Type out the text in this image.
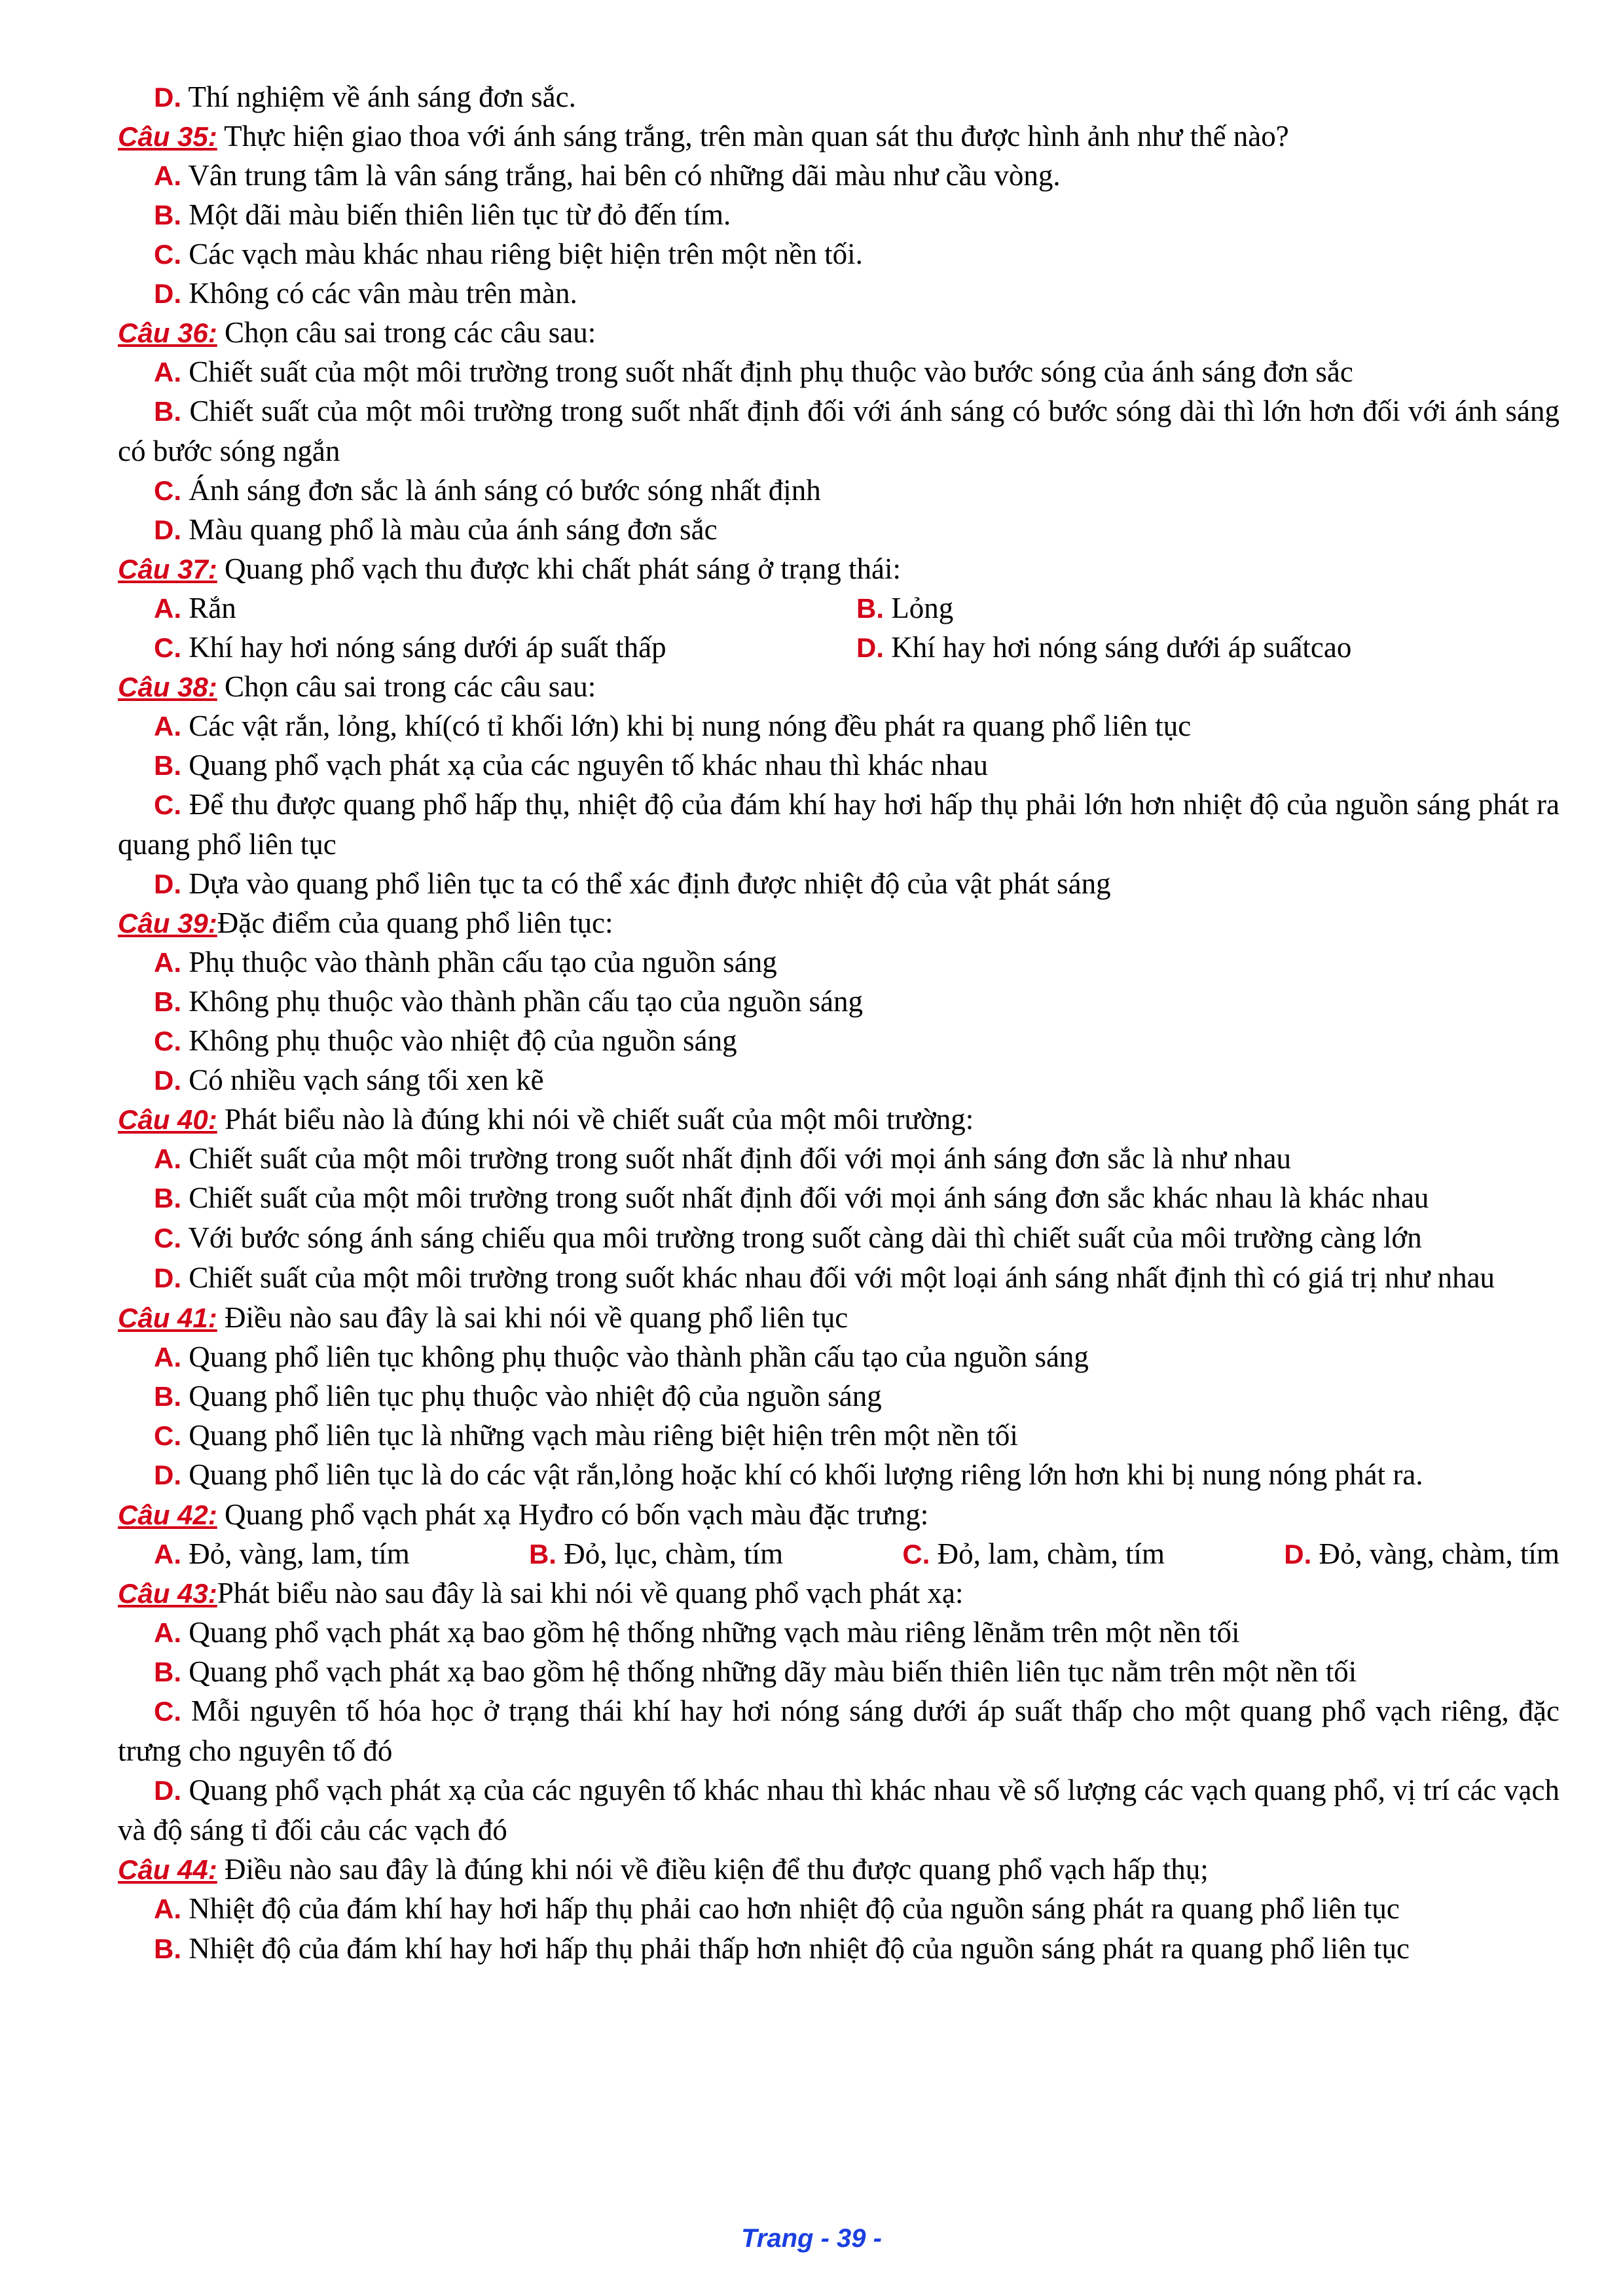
D. Thí nghiệm về ánh sáng đơn sắc.
Câu 35: Thực hiện giao thoa với ánh sáng trắng, trên màn quan sát thu được hình ảnh như thế nào?
A. Vân trung tâm là vân sáng trắng, hai bên có những dãi màu như cầu vòng.
B. Một dãi màu biến thiên liên tục từ đỏ đến tím.
C. Các vạch màu khác nhau riêng biệt hiện trên một nền tối.
D. Không có các vân màu trên màn.
Câu 36: Chọn câu sai trong các câu sau:
A. Chiết suất của một môi trường trong suốt nhất định phụ thuộc vào bước sóng của ánh sáng đơn sắc
B. Chiết suất của một môi trường trong suốt nhất định đối với ánh sáng có bước sóng dài thì lớn hơn đối với ánh sáng có bước sóng ngắn
C. Ánh sáng đơn sắc là ánh sáng có bước sóng nhất định
D. Màu quang phổ là màu của ánh sáng đơn sắc
Câu 37: Quang phổ vạch thu được khi chất phát sáng ở trạng thái:
A. Rắn	B. Lỏng
C. Khí hay hơi nóng sáng dưới áp suất thấp	D. Khí hay hơi nóng sáng dưới áp suấtcao
Câu 38: Chọn câu sai trong các câu sau:
A. Các vật rắn, lỏng, khí(có tỉ khối lớn) khi bị nung nóng đều phát ra quang phổ liên tục
B. Quang phổ vạch phát xạ của các nguyên tố khác nhau thì khác nhau
C. Để thu được quang phổ hấp thụ, nhiệt độ của đám khí hay hơi hấp thụ phải lớn hơn nhiệt độ của nguồn sáng phát ra quang phổ liên tục
D. Dựa vào quang phổ liên tục ta có thể xác định được nhiệt độ của vật phát sáng
Câu 39:Đặc điểm của quang phổ liên tục:
A. Phụ thuộc vào thành phần cấu tạo của nguồn sáng
B. Không phụ thuộc vào thành phần cấu tạo của nguồn sáng
C. Không phụ thuộc vào nhiệt độ của nguồn sáng
D. Có nhiều vạch sáng tối xen kẽ
Câu 40: Phát biểu nào là đúng khi nói về chiết suất của một môi trường:
A. Chiết suất của một môi trường trong suốt nhất định đối với mọi ánh sáng đơn sắc là như nhau
B. Chiết suất của một môi trường trong suốt nhất định đối với mọi ánh sáng đơn sắc khác nhau là khác nhau
C. Với bước sóng ánh sáng chiếu qua môi trường trong suốt càng dài thì chiết suất của môi trường càng lớn
D. Chiết suất của một môi trường trong suốt khác nhau đối với một loại ánh sáng nhất định thì có giá trị như nhau
Câu 41: Điều nào sau đây là sai khi nói về quang phổ liên tục
A. Quang phổ liên tục không phụ thuộc vào thành phần cấu tạo của nguồn sáng
B. Quang phổ liên tục phụ thuộc vào nhiệt độ của nguồn sáng
C. Quang phổ liên tục là những vạch màu riêng biệt hiện trên một nền tối
D. Quang phổ liên tục là do các vật rắn,lỏng hoặc khí có khối lượng riêng lớn hơn khi bị nung nóng phát ra.
Câu 42: Quang phổ vạch phát xạ Hyđro có bốn vạch màu đặc trưng:
A. Đỏ, vàng, lam, tím	B. Đỏ, lục, chàm, tím	C. Đỏ, lam, chàm, tím	D. Đỏ, vàng, chàm, tím
Câu 43:Phát biểu nào sau đây là sai khi nói về quang phổ vạch phát xạ:
A. Quang phổ vạch phát xạ bao gồm hệ thống những vạch màu riêng lẽnằm trên một nền tối
B. Quang phổ vạch phát xạ bao gồm hệ thống những dãy màu biến thiên liên tục nằm trên một nền tối
C. Mỗi nguyên tố hóa học ở trạng thái khí hay hơi nóng sáng dưới áp suất thấp cho một quang phổ vạch riêng, đặc trưng cho nguyên tố đó
D. Quang phổ vạch phát xạ của các nguyên tố khác nhau thì khác nhau về số lượng các vạch quang phổ, vị trí các vạch và độ sáng tỉ đối cảu các vạch đó
Câu 44: Điều nào sau đây là đúng khi nói về điều kiện để thu được quang phổ vạch hấp thụ;
A. Nhiệt độ của đám khí hay hơi hấp thụ phải cao hơn nhiệt độ của nguồn sáng phát ra quang phổ liên tục
B. Nhiệt độ của đám khí hay hơi hấp thụ phải thấp hơn nhiệt độ của nguồn sáng phát ra quang phổ liên tục
Trang - 39 -
